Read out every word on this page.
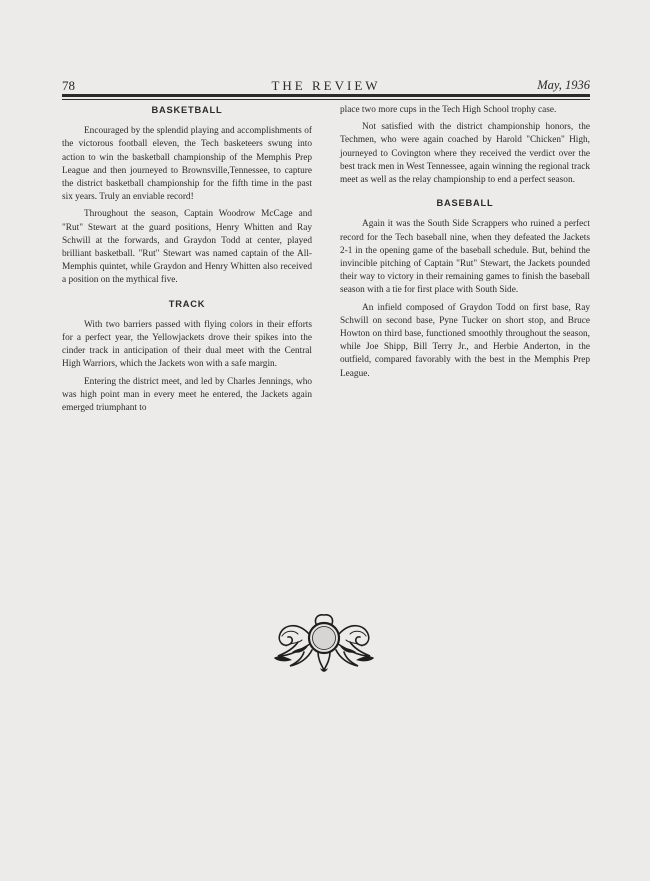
78	THE REVIEW	May, 1936
BASKETBALL

Encouraged by the splendid playing and accomplishments of the victorous football eleven, the Tech basketeers swung into action to win the basketball championship of the Memphis Prep League and then journeyed to Brownsville,Tennessee, to capture the district basketball championship for the fifth time in the past six years. Truly an enviable record!

Throughout the season, Captain Woodrow McCage and "Rut" Stewart at the guard positions, Henry Whitten and Ray Schwill at the forwards, and Graydon Todd at center, played brilliant basketball. "Rut" Stewart was named captain of the All-Memphis quintet, while Graydon and Henry Whitten also received a position on the mythical five.

TRACK

With two barriers passed with flying colors in their efforts for a perfect year, the Yellowjackets drove their spikes into the cinder track in anticipation of their dual meet with the Central High Warriors, which the Jackets won with a safe margin.

Entering the district meet, and led by Charles Jennings, who was high point man in every meet he entered, the Jackets again emerged triumphant to

place two more cups in the Tech High School trophy case.

Not satisfied with the district championship honors, the Techmen, who were again coached by Harold "Chicken" High, journeyed to Covington where they received the verdict over the best track men in West Tennessee, again winning the regional track meet as well as the relay championship to end a perfect season.

BASEBALL

Again it was the South Side Scrappers who ruined a perfect record for the Tech baseball nine, when they defeated the Jackets 2-1 in the opening game of the baseball schedule. But, behind the invincible pitching of Captain "Rut" Stewart, the Jackets pounded their way to victory in their remaining games to finish the baseball season with a tie for first place with South Side.

An infield composed of Graydon Todd on first base, Ray Schwill on second base, Pyne Tucker on short stop, and Bruce Howton on third base, functioned smoothly throughout the season, while Joe Shipp, Bill Terry Jr., and Herbie Anderton, in the outfield, compared favorably with the best in the Memphis Prep League.
